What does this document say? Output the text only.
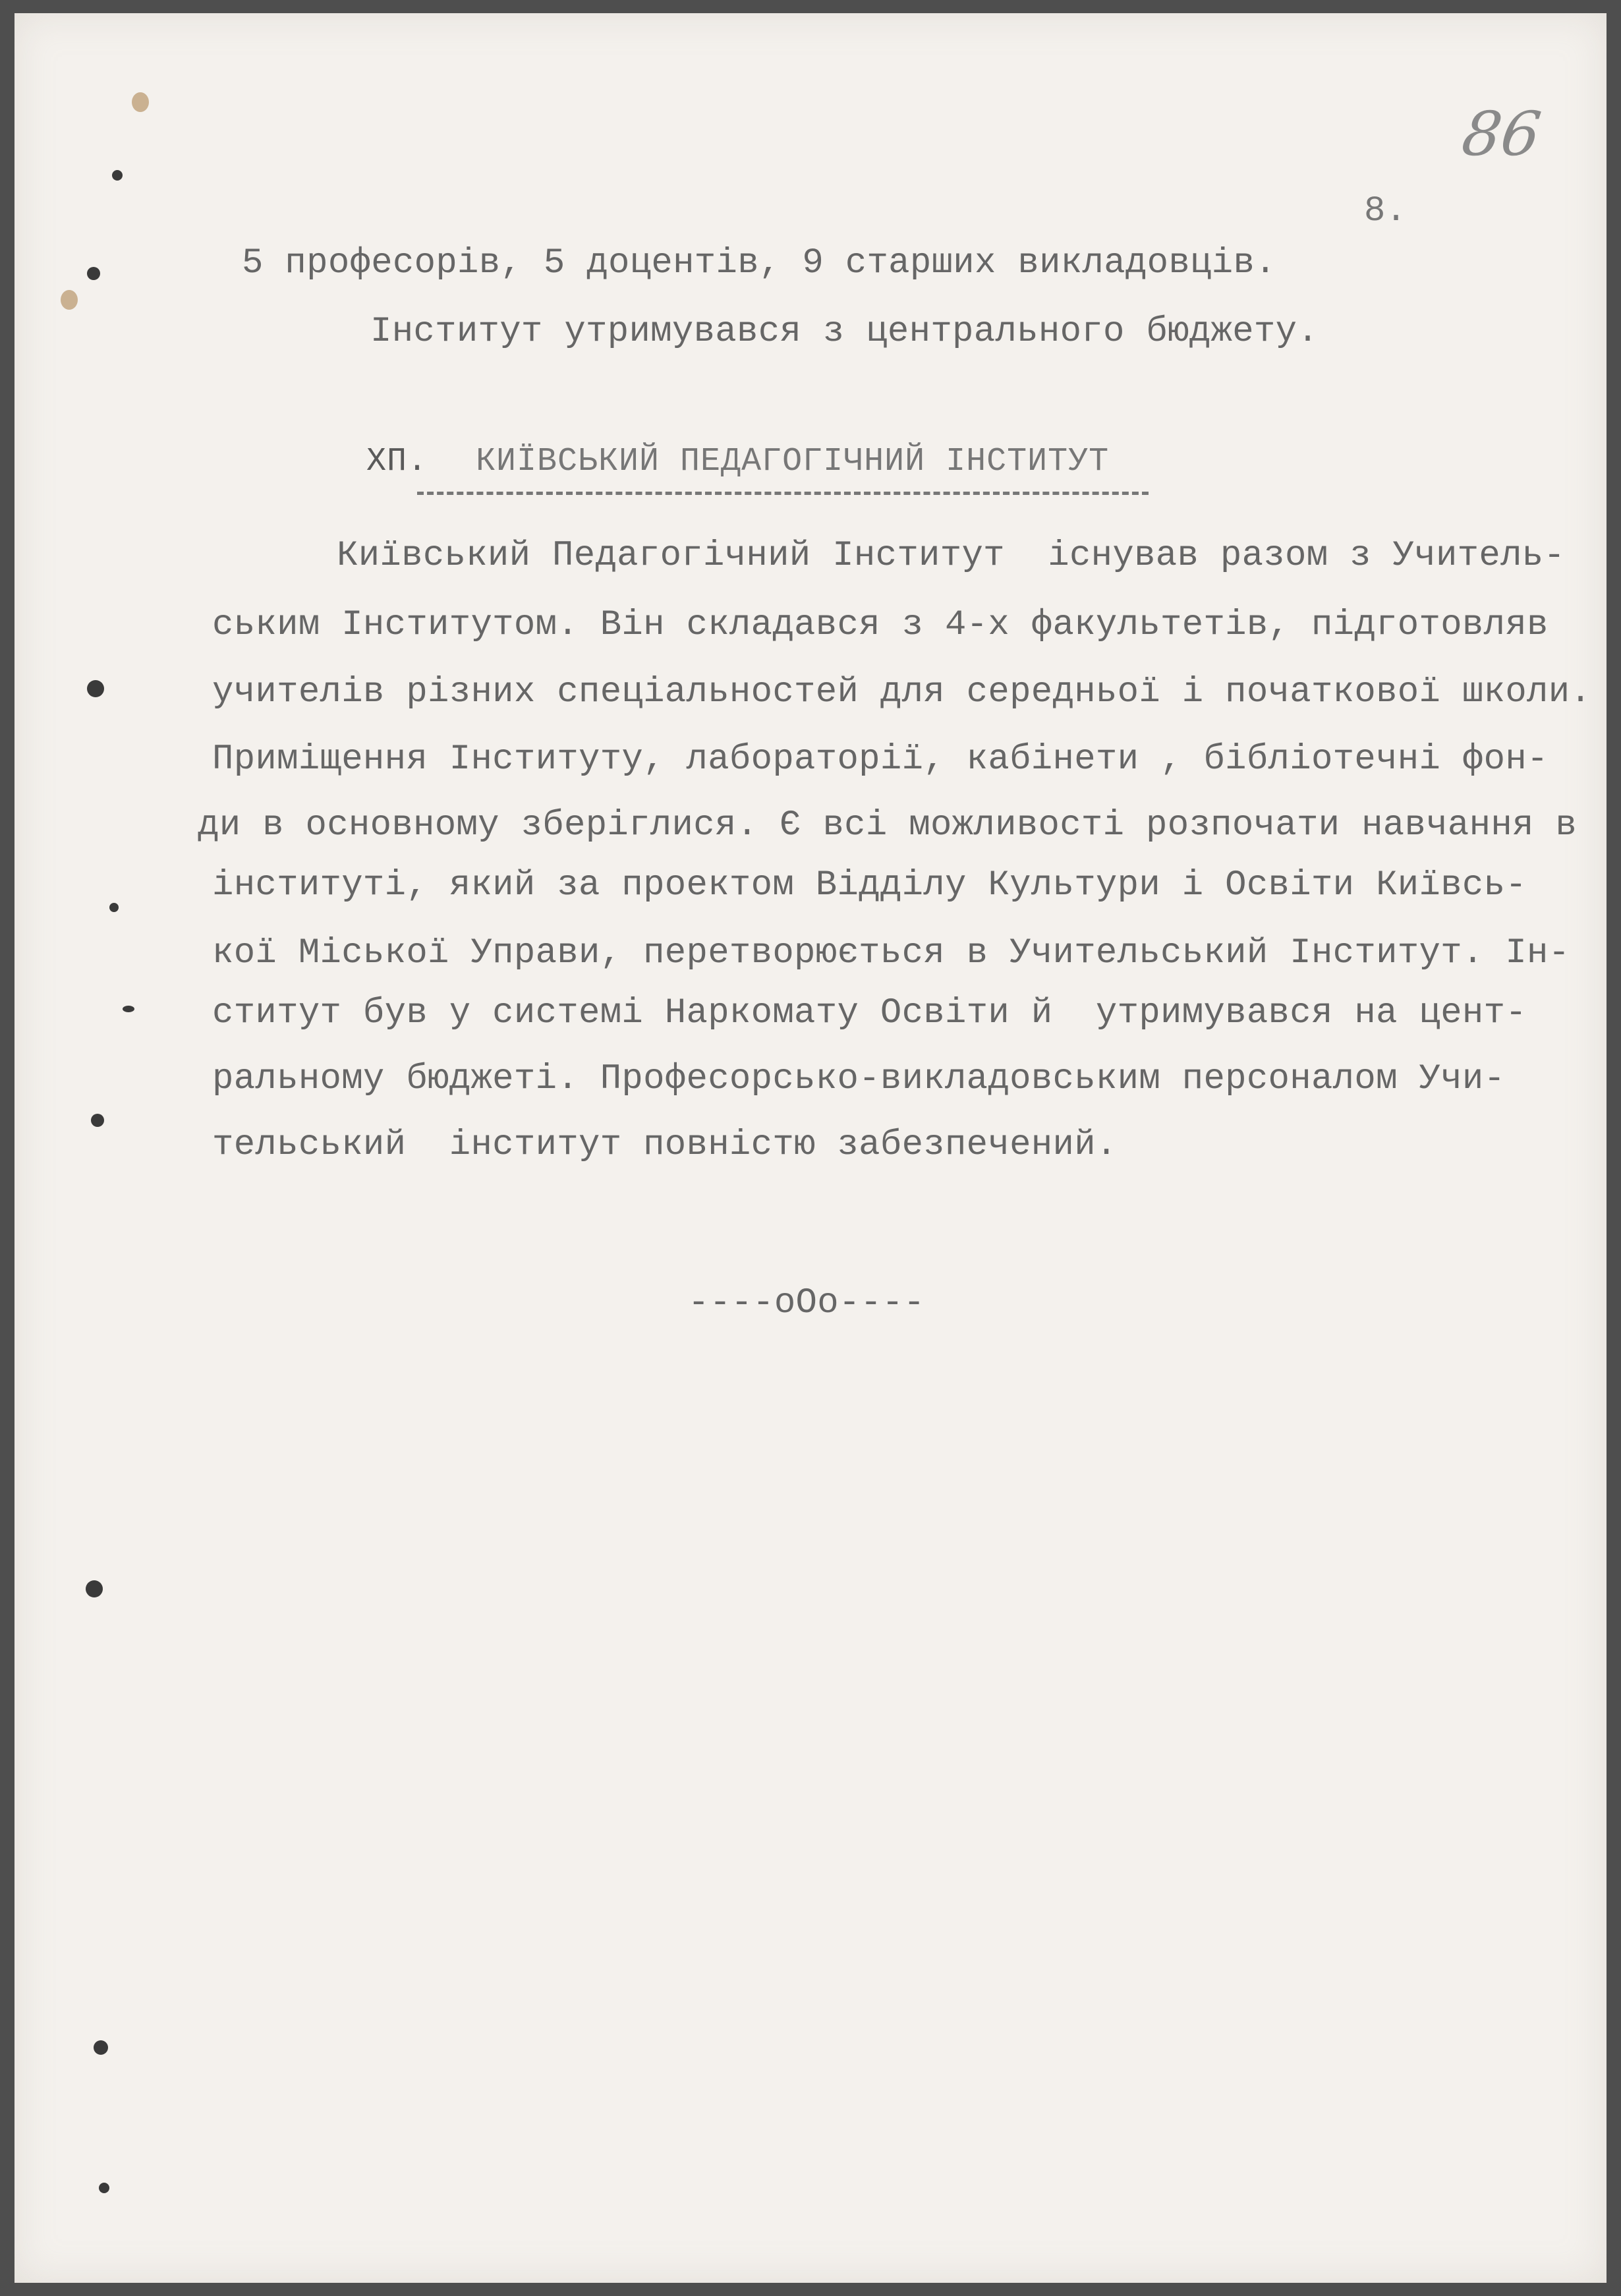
86
8.
5 професорів, 5 доцентів, 9 старших викладовців.
Інститут утримувався з центрального бюджету.
ХП. КИЇВСЬКИЙ ПЕДАГОГІЧНИЙ ІНСТИТУТ
Київський Педагогічний Інститут  існував разом з Учитель-
ським Інститутом. Він складався з 4-х факультетів, підготовляв
учителів різних спеціальностей для середньої і початкової школи.
Приміщення Інституту, лабораторії, кабінети , бібліотечні фон-
ди в основному зберіглися. Є всі можливості розпочати навчання в
інституті, який за проектом Відділу Культури і Освіти Київсь-
кої Міської Управи, перетворюється в Учительський Інститут. Ін-
ститут був у системі Наркомату Освіти й  утримувався на цент-
ральному бюджеті. Професорсько-викладовським персоналом Учи-
тельський  інститут повністю забезпечений.
----oOo----
